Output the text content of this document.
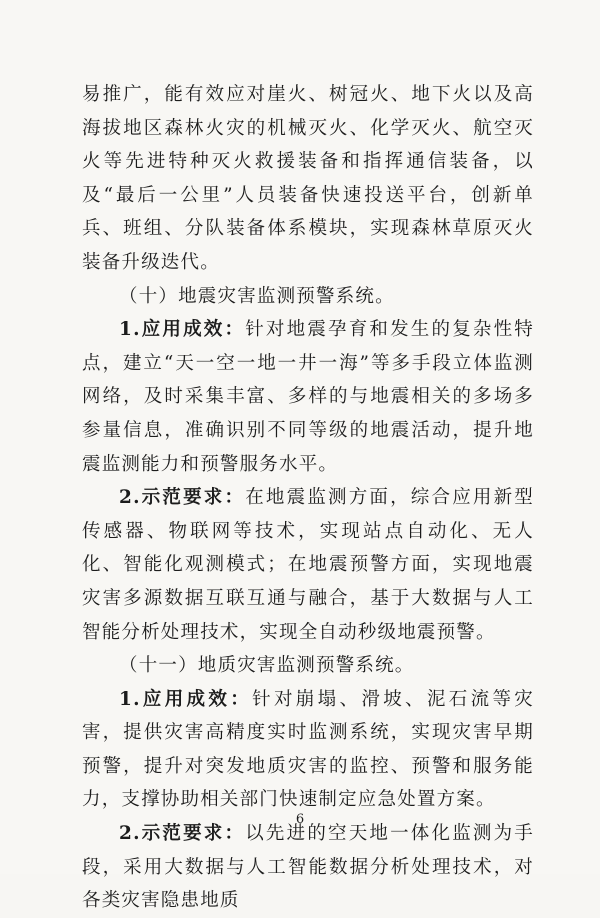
易推广，能有效应对崖火、树冠火、地下火以及高海拔地区森林火灾的机械灭火、化学灭火、航空灭火等先进特种灭火救援装备和指挥通信装备，以及“最后一公里”人员装备快速投送平台，创新单兵、班组、分队装备体系模块，实现森林草原灭火装备升级迭代。

（十）地震灾害监测预警系统。

1.应用成效：针对地震孕育和发生的复杂性特点，建立“天一空一地一井一海”等多手段立体监测网络，及时采集丰富、多样的与地震相关的多场多参量信息，准确识别不同等级的地震活动，提升地震监测能力和预警服务水平。

2.示范要求：在地震监测方面，综合应用新型传感器、物联网等技术，实现站点自动化、无人化、智能化观测模式；在地震预警方面，实现地震灾害多源数据互联互通与融合，基于大数据与人工智能分析处理技术，实现全自动秒级地震预警。

（十一）地质灾害监测预警系统。

1.应用成效：针对崩塌、滑坡、泥石流等灾害，提供灾害高精度实时监测系统，实现灾害早期预警，提升对突发地质灾害的监控、预警和服务能力，支撑协助相关部门快速制定应急处置方案。

2.示范要求：以先进的空天地一体化监测为手段，采用大数据与人工智能数据分析处理技术，对各类灾害隐患地质

6
